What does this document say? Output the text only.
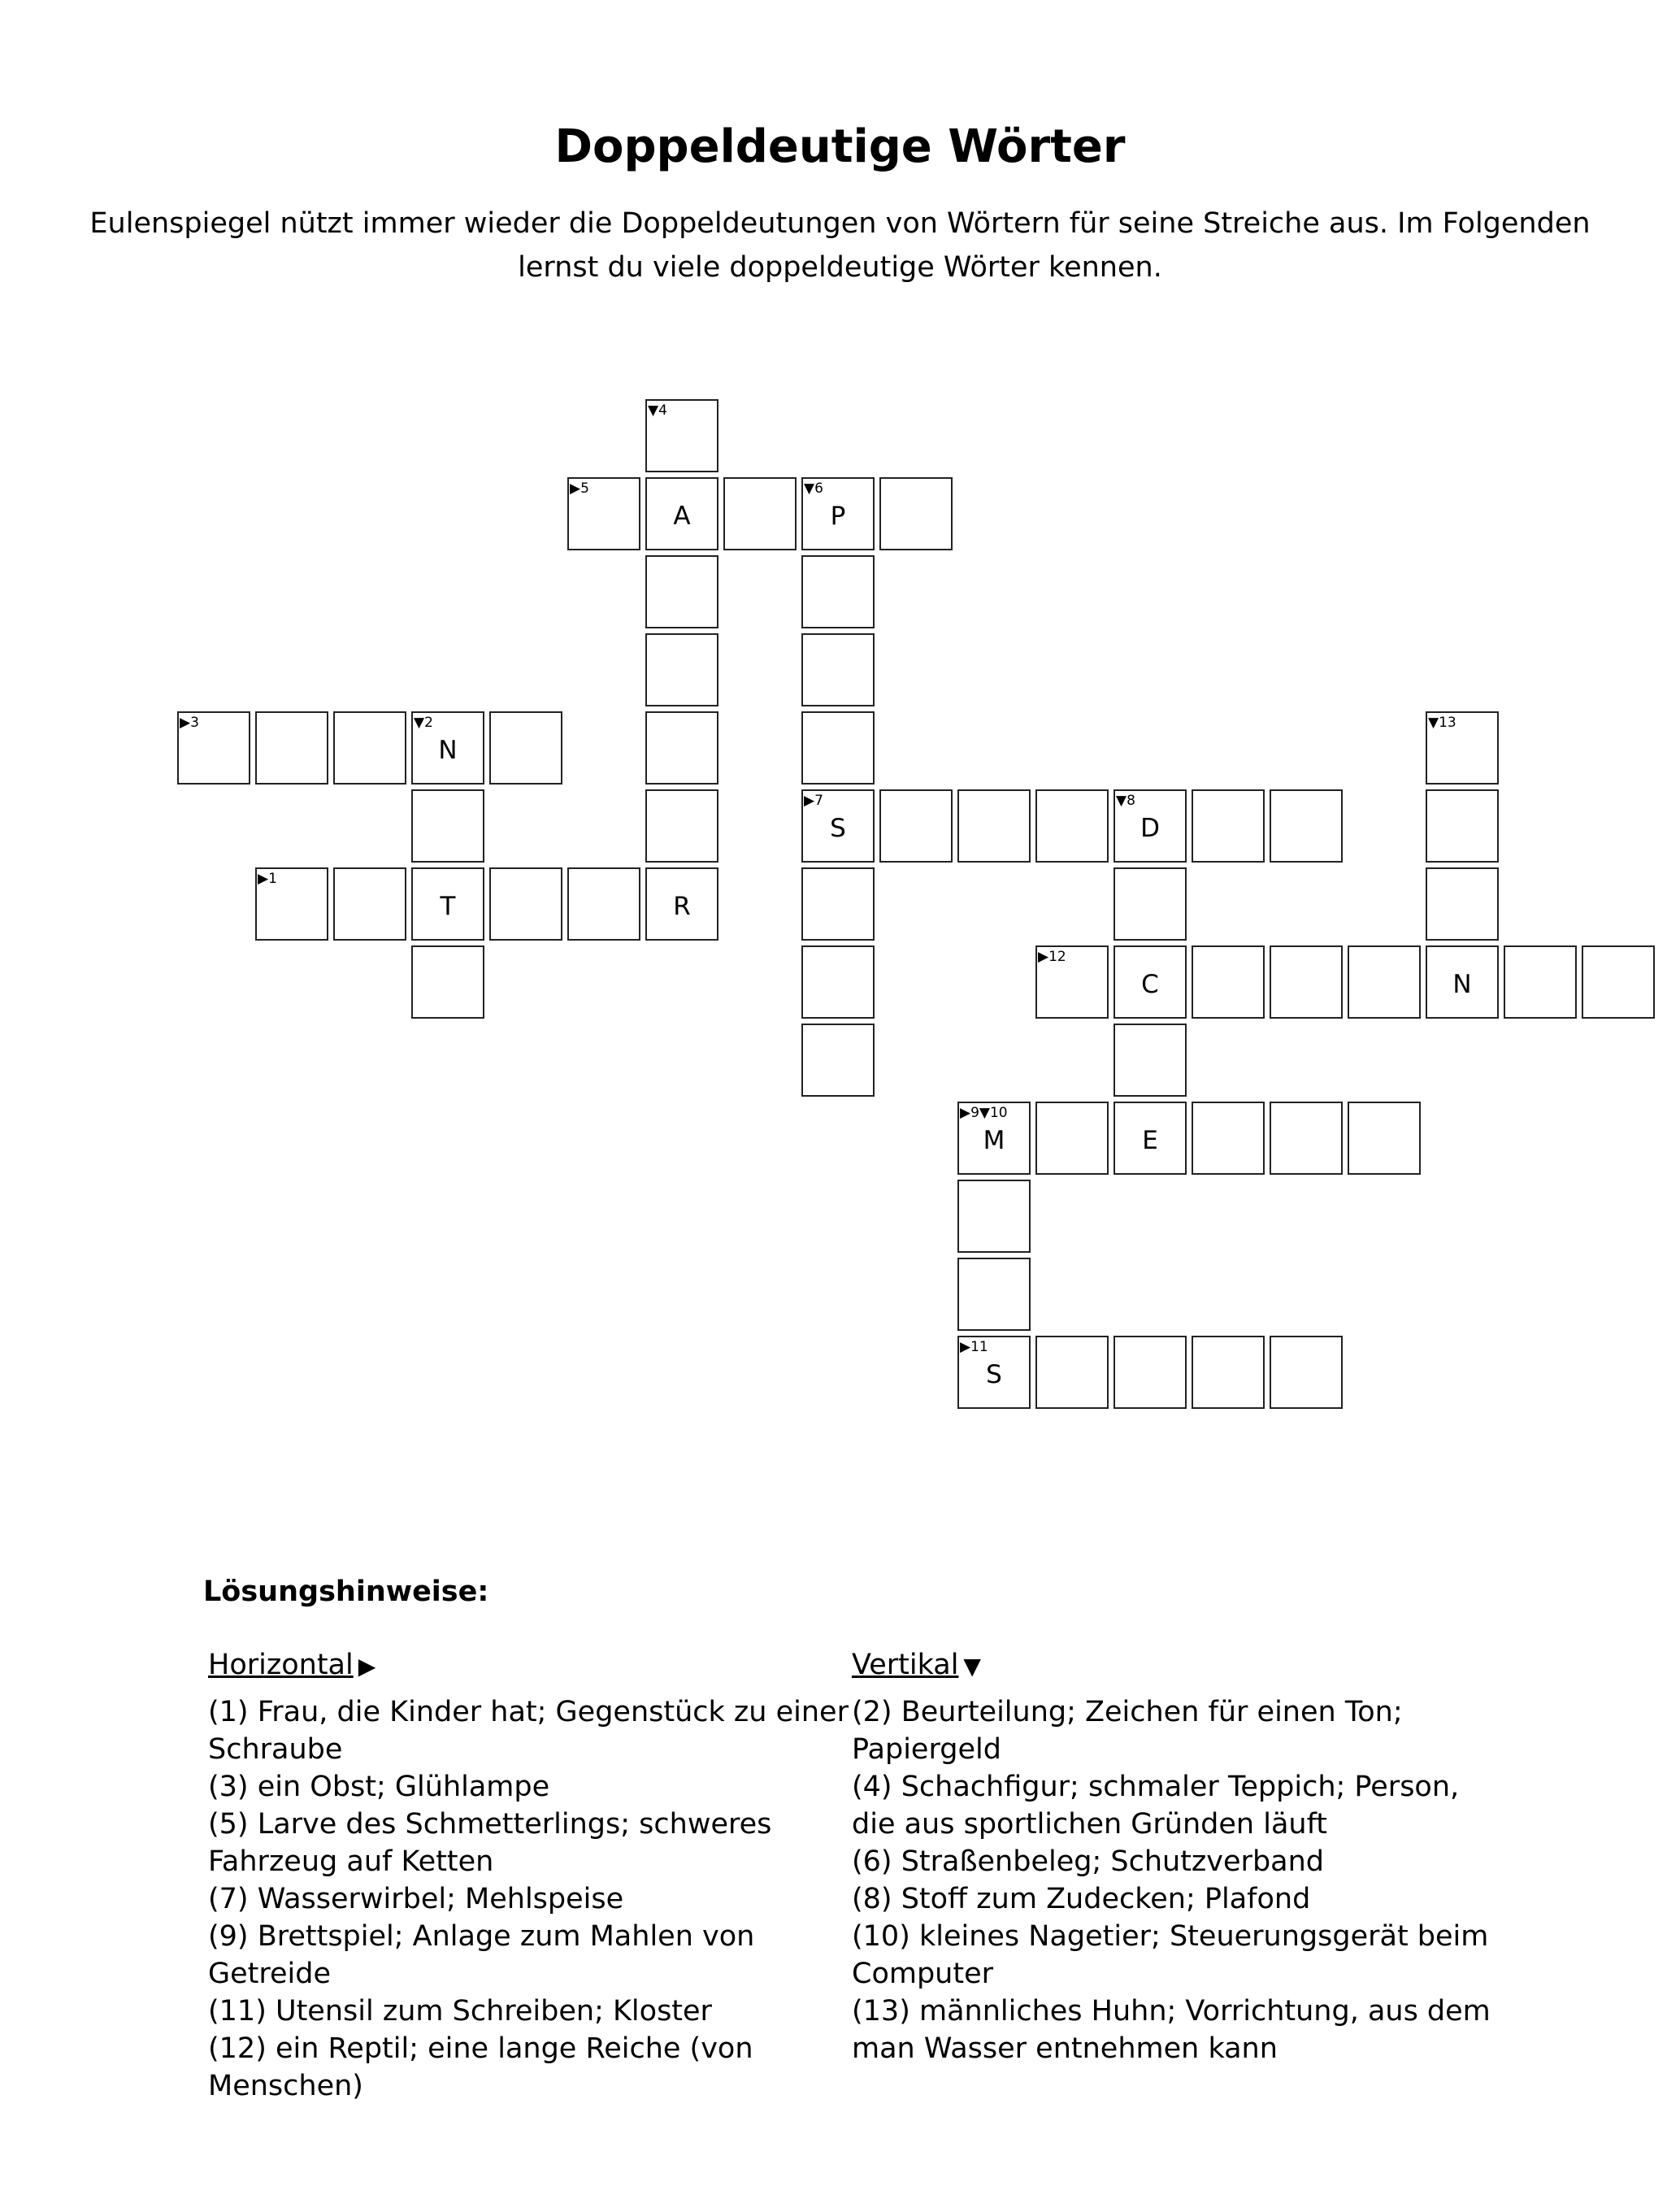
Doppeldeutige Wörter

Eulenspiegel nützt immer wieder die Doppeldeutungen von Wörtern für seine Streiche aus. Im Folgenden lernst du viele doppeldeutige Wörter kennen.

▼4
▶5
A
▼6
P
▶3	▼2
N
▼13
▶7
S
▼8
D
▶1
T	R
▶12
C	N
▶9▼10
M	E
▶11
S
Lösungshinweise:
Horizontal ▶

(1) Frau, die Kinder hat; Gegenstück zu einer Schraube

(3) ein Obst; Glühlampe

(5) Larve des Schmetterlings; schweres Fahrzeug auf Ketten

(7) Wasserwirbel; Mehlspeise

(9) Brettspiel; Anlage zum Mahlen von Getreide

(11) Utensil zum Schreiben; Kloster

(12) ein Reptil; eine lange Reiche (von Menschen)

Vertikal ▼

(2) Beurteilung; Zeichen für einen Ton; Papiergeld

(4) Schachfigur; schmaler Teppich; Person, die aus sportlichen Gründen läuft

(6) Straßenbeleg; Schutzverband

(8) Stoff zum Zudecken; Plafond

(10) kleines Nagetier; Steuerungsgerät beim Computer

(13) männliches Huhn; Vorrichtung, aus dem man Wasser entnehmen kann
